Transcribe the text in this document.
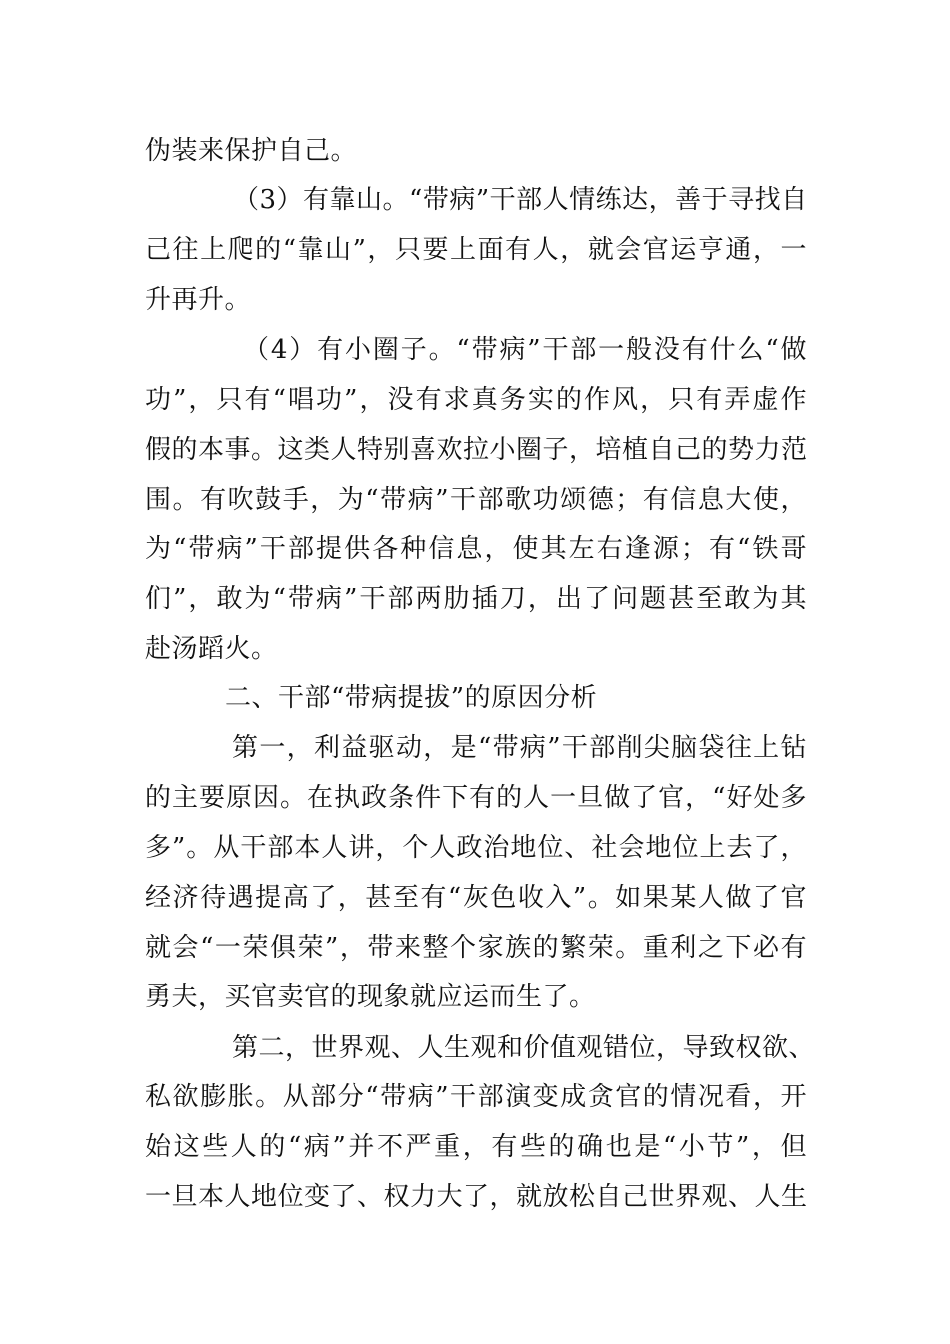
伪装来保护自己。
（3）有靠山。“带病”干部人情练达，善于寻找自
己往上爬的“靠山”，只要上面有人，就会官运亨通，一
升再升。
（4）有小圈子。“带病”干部一般没有什么“做
功”，只有“唱功”，没有求真务实的作风，只有弄虚作
假的本事。这类人特别喜欢拉小圈子，培植自己的势力范
围。有吹鼓手，为“带病”干部歌功颂德；有信息大使，
为“带病”干部提供各种信息，使其左右逢源；有“铁哥
们”，敢为“带病”干部两肋插刀，出了问题甚至敢为其
赴汤蹈火。
二、干部“带病提拔”的原因分析
第一，利益驱动，是“带病”干部削尖脑袋往上钻
的主要原因。在执政条件下有的人一旦做了官，“好处多
多”。从干部本人讲，个人政治地位、社会地位上去了，
经济待遇提高了，甚至有“灰色收入”。如果某人做了官
就会“一荣俱荣”，带来整个家族的繁荣。重利之下必有
勇夫，买官卖官的现象就应运而生了。
第二，世界观、人生观和价值观错位，导致权欲、
私欲膨胀。从部分“带病”干部演变成贪官的情况看，开
始这些人的“病”并不严重，有些的确也是“小节”，但
一旦本人地位变了、权力大了，就放松自己世界观、人生
